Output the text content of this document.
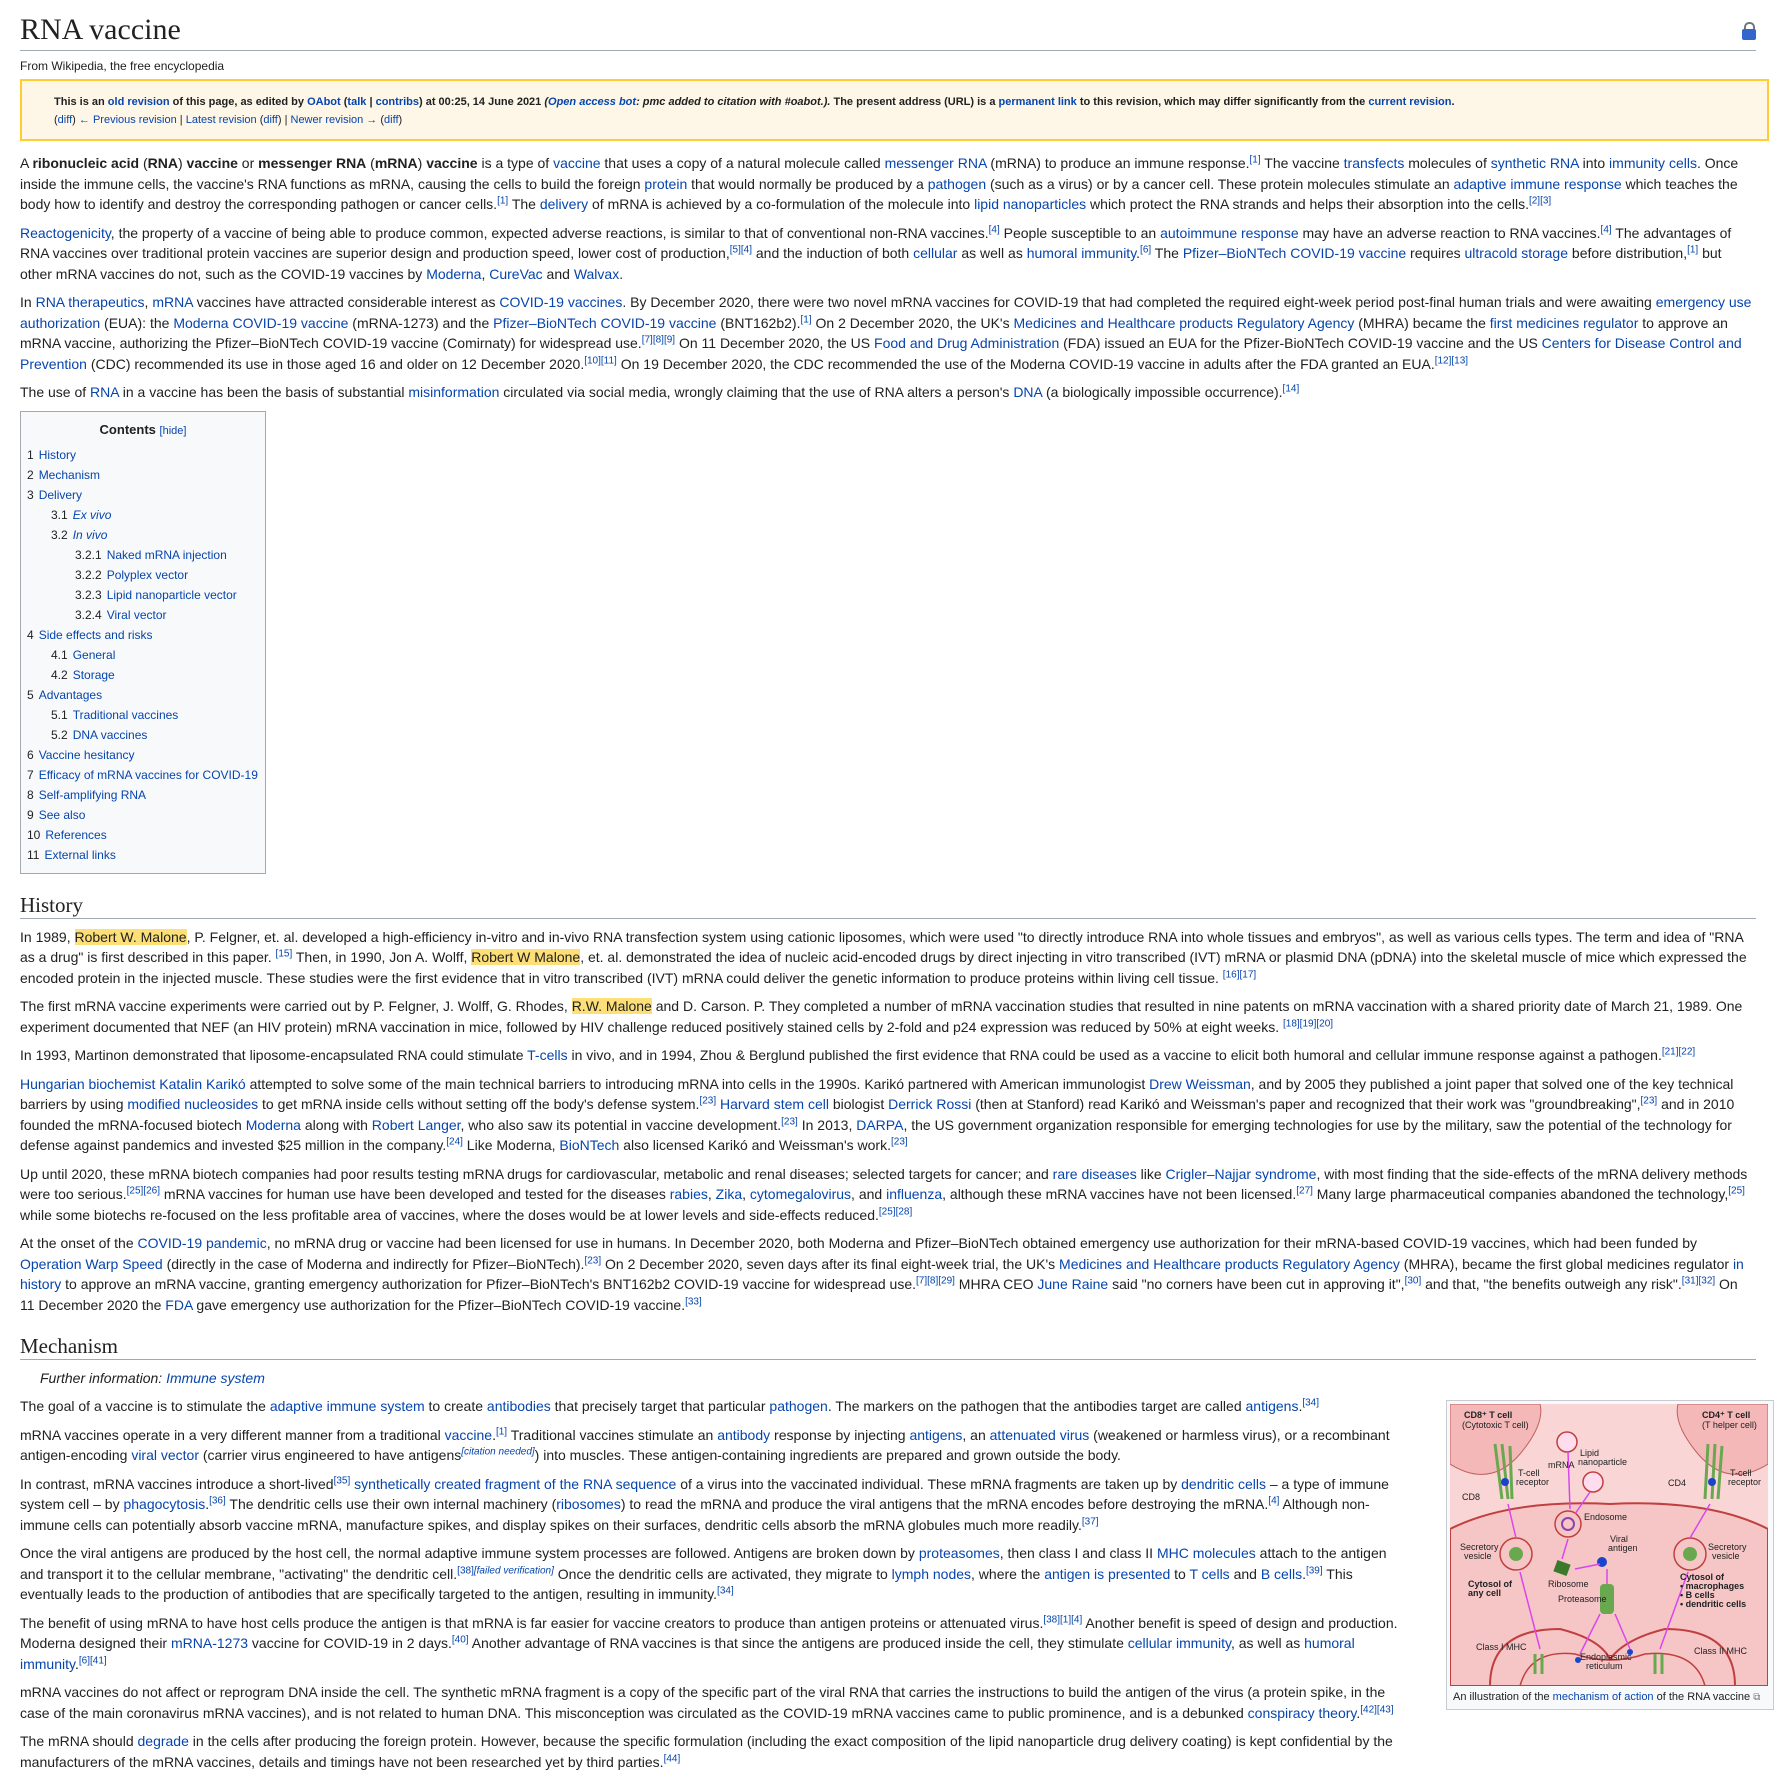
RNA vaccine
From Wikipedia, the free encyclopedia
This is an old revision of this page, as edited by OAbot (talk | contribs) at 00:25, 14 June 2021 (Open access bot: pmc added to citation with #oabot.). The present address (URL) is a permanent link to this revision, which may differ significantly from the current revision.
(diff) ← Previous revision | Latest revision (diff) | Newer revision → (diff)

A ribonucleic acid (RNA) vaccine or messenger RNA (mRNA) vaccine is a type of vaccine that uses a copy of a natural molecule called messenger RNA (mRNA) to produce an immune response.[1] The vaccine transfects molecules of synthetic RNA into immunity cells. Once inside the immune cells, the vaccine's RNA functions as mRNA, causing the cells to build the foreign protein that would normally be produced by a pathogen (such as a virus) or by a cancer cell. These protein molecules stimulate an adaptive immune response which teaches the body how to identify and destroy the corresponding pathogen or cancer cells.[1] The delivery of mRNA is achieved by a co-formulation of the molecule into lipid nanoparticles which protect the RNA strands and helps their absorption into the cells.[2][3]

Reactogenicity, the property of a vaccine of being able to produce common, expected adverse reactions, is similar to that of conventional non-RNA vaccines.[4] People susceptible to an autoimmune response may have an adverse reaction to RNA vaccines.[4] The advantages of RNA vaccines over traditional protein vaccines are superior design and production speed, lower cost of production,[5][4] and the induction of both cellular as well as humoral immunity.[6] The Pfizer–BioNTech COVID-19 vaccine requires ultracold storage before distribution,[1] but other mRNA vaccines do not, such as the COVID-19 vaccines by Moderna, CureVac and Walvax.

In RNA therapeutics, mRNA vaccines have attracted considerable interest as COVID-19 vaccines. By December 2020, there were two novel mRNA vaccines for COVID-19 that had completed the required eight-week period post-final human trials and were awaiting emergency use authorization (EUA): the Moderna COVID-19 vaccine (mRNA-1273) and the Pfizer–BioNTech COVID-19 vaccine (BNT162b2).[1] On 2 December 2020, the UK's Medicines and Healthcare products Regulatory Agency (MHRA) became the first medicines regulator to approve an mRNA vaccine, authorizing the Pfizer–BioNTech COVID-19 vaccine (Comirnaty) for widespread use.[7][8][9] On 11 December 2020, the US Food and Drug Administration (FDA) issued an EUA for the Pfizer-BioNTech COVID-19 vaccine and the US Centers for Disease Control and Prevention (CDC) recommended its use in those aged 16 and older on 12 December 2020.[10][11] On 19 December 2020, the CDC recommended the use of the Moderna COVID-19 vaccine in adults after the FDA granted an EUA.[12][13]

The use of RNA in a vaccine has been the basis of substantial misinformation circulated via social media, wrongly claiming that the use of RNA alters a person's DNA (a biologically impossible occurrence).[14]

Contents [hide]
1 History
2 Mechanism
3 Delivery
3.1 Ex vivo
3.2 In vivo
3.2.1 Naked mRNA injection
3.2.2 Polyplex vector
3.2.3 Lipid nanoparticle vector
3.2.4 Viral vector
4 Side effects and risks
4.1 General
4.2 Storage
5 Advantages
5.1 Traditional vaccines
5.2 DNA vaccines
6 Vaccine hesitancy
7 Efficacy of mRNA vaccines for COVID-19
8 Self-amplifying RNA
9 See also
10 References
11 External links
History

In 1989, Robert W. Malone, P. Felgner, et. al. developed a high-efficiency in-vitro and in-vivo RNA transfection system using cationic liposomes, which were used "to directly introduce RNA into whole tissues and embryos", as well as various cells types. The term and idea of "RNA as a drug" is first described in this paper. [15] Then, in 1990, Jon A. Wolff, Robert W Malone, et. al. demonstrated the idea of nucleic acid-encoded drugs by direct injecting in vitro transcribed (IVT) mRNA or plasmid DNA (pDNA) into the skeletal muscle of mice which expressed the encoded protein in the injected muscle. These studies were the first evidence that in vitro transcribed (IVT) mRNA could deliver the genetic information to produce proteins within living cell tissue. [16][17]

The first mRNA vaccine experiments were carried out by P. Felgner, J. Wolff, G. Rhodes, R.W. Malone and D. Carson. P. They completed a number of mRNA vaccination studies that resulted in nine patents on mRNA vaccination with a shared priority date of March 21, 1989. One experiment documented that NEF (an HIV protein) mRNA vaccination in mice, followed by HIV challenge reduced positively stained cells by 2-fold and p24 expression was reduced by 50% at eight weeks. [18][19][20]

In 1993, Martinon demonstrated that liposome-encapsulated RNA could stimulate T-cells in vivo, and in 1994, Zhou & Berglund published the first evidence that RNA could be used as a vaccine to elicit both humoral and cellular immune response against a pathogen.[21][22]

Hungarian biochemist Katalin Karikó attempted to solve some of the main technical barriers to introducing mRNA into cells in the 1990s. Karikó partnered with American immunologist Drew Weissman, and by 2005 they published a joint paper that solved one of the key technical barriers by using modified nucleosides to get mRNA inside cells without setting off the body's defense system.[23] Harvard stem cell biologist Derrick Rossi (then at Stanford) read Karikó and Weissman's paper and recognized that their work was "groundbreaking",[23] and in 2010 founded the mRNA-focused biotech Moderna along with Robert Langer, who also saw its potential in vaccine development.[23] In 2013, DARPA, the US government organization responsible for emerging technologies for use by the military, saw the potential of the technology for defense against pandemics and invested $25 million in the company.[24] Like Moderna, BioNTech also licensed Karikó and Weissman's work.[23]

Up until 2020, these mRNA biotech companies had poor results testing mRNA drugs for cardiovascular, metabolic and renal diseases; selected targets for cancer; and rare diseases like Crigler–Najjar syndrome, with most finding that the side-effects of the mRNA delivery methods were too serious.[25][26] mRNA vaccines for human use have been developed and tested for the diseases rabies, Zika, cytomegalovirus, and influenza, although these mRNA vaccines have not been licensed.[27] Many large pharmaceutical companies abandoned the technology,[25] while some biotechs re-focused on the less profitable area of vaccines, where the doses would be at lower levels and side-effects reduced.[25][28]

At the onset of the COVID-19 pandemic, no mRNA drug or vaccine had been licensed for use in humans. In December 2020, both Moderna and Pfizer–BioNTech obtained emergency use authorization for their mRNA-based COVID-19 vaccines, which had been funded by Operation Warp Speed (directly in the case of Moderna and indirectly for Pfizer–BioNTech).[23] On 2 December 2020, seven days after its final eight-week trial, the UK's Medicines and Healthcare products Regulatory Agency (MHRA), became the first global medicines regulator in history to approve an mRNA vaccine, granting emergency authorization for Pfizer–BioNTech's BNT162b2 COVID-19 vaccine for widespread use.[7][8][29] MHRA CEO June Raine said "no corners have been cut in approving it",[30] and that, "the benefits outweigh any risk".[31][32] On 11 December 2020 the FDA gave emergency use authorization for the Pfizer–BioNTech COVID-19 vaccine.[33]

Mechanism
Further information: Immune system

The goal of a vaccine is to stimulate the adaptive immune system to create antibodies that precisely target that particular pathogen. The markers on the pathogen that the antibodies target are called antigens.[34]

mRNA vaccines operate in a very different manner from a traditional vaccine.[1] Traditional vaccines stimulate an antibody response by injecting antigens, an attenuated virus (weakened or harmless virus), or a recombinant antigen-encoding viral vector (carrier virus engineered to have antigens[citation needed]) into muscles. These antigen-containing ingredients are prepared and grown outside the body.

In contrast, mRNA vaccines introduce a short-lived[35] synthetically created fragment of the RNA sequence of a virus into the vaccinated individual. These mRNA fragments are taken up by dendritic cells – a type of immune system cell – by phagocytosis.[36] The dendritic cells use their own internal machinery (ribosomes) to read the mRNA and produce the viral antigens that the mRNA encodes before destroying the mRNA.[4] Although non-immune cells can potentially absorb vaccine mRNA, manufacture spikes, and display spikes on their surfaces, dendritic cells absorb the mRNA globules much more readily.[37]

Once the viral antigens are produced by the host cell, the normal adaptive immune system processes are followed. Antigens are broken down by proteasomes, then class I and class II MHC molecules attach to the antigen and transport it to the cellular membrane, "activating" the dendritic cell.[38][failed verification] Once the dendritic cells are activated, they migrate to lymph nodes, where the antigen is presented to T cells and B cells.[39] This eventually leads to the production of antibodies that are specifically targeted to the antigen, resulting in immunity.[34]

The benefit of using mRNA to have host cells produce the antigen is that mRNA is far easier for vaccine creators to produce than antigen proteins or attenuated virus.[38][1][4] Another benefit is speed of design and production. Moderna designed their mRNA-1273 vaccine for COVID-19 in 2 days.[40] Another advantage of RNA vaccines is that since the antigens are produced inside the cell, they stimulate cellular immunity, as well as humoral immunity.[6][41]

mRNA vaccines do not affect or reprogram DNA inside the cell. The synthetic mRNA fragment is a copy of the specific part of the viral RNA that carries the instructions to build the antigen of the virus (a protein spike, in the case of the main coronavirus mRNA vaccines), and is not related to human DNA. This misconception was circulated as the COVID-19 mRNA vaccines came to public prominence, and is a debunked conspiracy theory.[42][43]

The mRNA should degrade in the cells after producing the foreign protein. However, because the specific formulation (including the exact composition of the lipid nanoparticle drug delivery coating) is kept confidential by the manufacturers of the mRNA vaccines, details and timings have not been researched yet by third parties.[44]

CD8⁺ T cell
(Cytotoxic T cell)
CD4⁺ T cell
(T helper cell)
mRNA
Lipid
nanoparticle
T-cell
receptor
T-cell
receptor
CD8
CD4
Endosome
Viral
antigen
Secretory
vesicle
Secretory
vesicle
Ribosome
Proteasome
Cytosol of
any cell
Cytosol of
• macrophages
• B cells
• dendritic cells
Class I MHC	Class II MHC
Endoplasmic
reticulum
An illustration of the mechanism of action of the RNA vaccine ⧉
